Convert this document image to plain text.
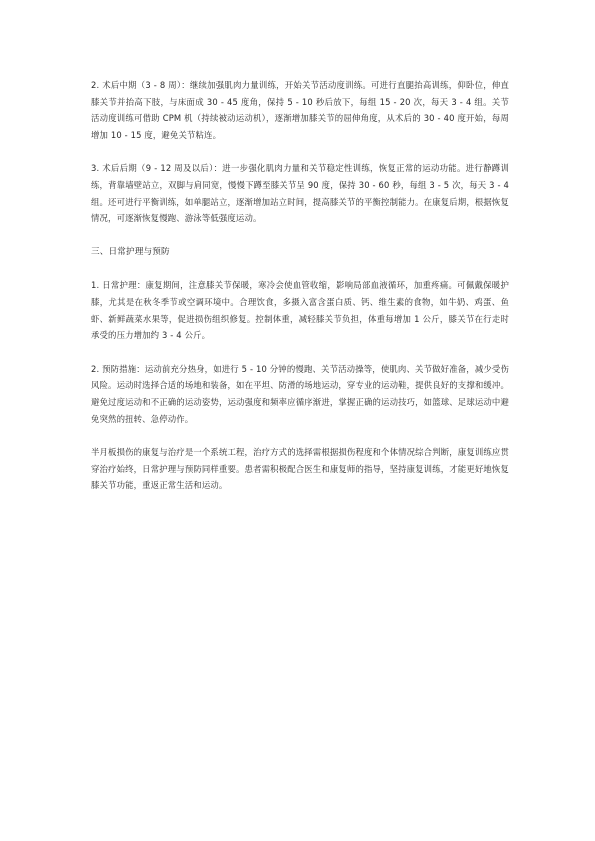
2. 术后中期（3 - 8 周）：继续加强肌肉力量训练，开始关节活动度训练。可进行直腿抬高训练，仰卧位，伸直膝关节并抬高下肢，与床面成 30 - 45 度角，保持 5 - 10 秒后放下，每组 15 - 20 次，每天 3 - 4 组。关节活动度训练可借助 CPM 机（持续被动运动机），逐渐增加膝关节的屈伸角度，从术后的 30 - 40 度开始，每周增加 10 - 15 度，避免关节粘连。

3. 术后后期（9 - 12 周及以后）：进一步强化肌肉力量和关节稳定性训练，恢复正常的运动功能。进行静蹲训练，背靠墙壁站立，双脚与肩同宽，慢慢下蹲至膝关节呈 90 度，保持 30 - 60 秒，每组 3 - 5 次，每天 3 - 4 组。还可进行平衡训练，如单腿站立，逐渐增加站立时间，提高膝关节的平衡控制能力。在康复后期，根据恢复情况，可逐渐恢复慢跑、游泳等低强度运动。

三、日常护理与预防

1. 日常护理：康复期间，注意膝关节保暖，寒冷会使血管收缩，影响局部血液循环，加重疼痛。可佩戴保暖护膝，尤其是在秋冬季节或空调环境中。合理饮食，多摄入富含蛋白质、钙、维生素的食物，如牛奶、鸡蛋、鱼虾、新鲜蔬菜水果等，促进损伤组织修复。控制体重，减轻膝关节负担，体重每增加 1 公斤，膝关节在行走时承受的压力增加约 3 - 4 公斤。

2. 预防措施：运动前充分热身，如进行 5 - 10 分钟的慢跑、关节活动操等，使肌肉、关节做好准备，减少受伤风险。运动时选择合适的场地和装备，如在平坦、防滑的场地运动，穿专业的运动鞋，提供良好的支撑和缓冲。避免过度运动和不正确的运动姿势，运动强度和频率应循序渐进，掌握正确的运动技巧，如篮球、足球运动中避免突然的扭转、急停动作。

半月板损伤的康复与治疗是一个系统工程，治疗方式的选择需根据损伤程度和个体情况综合判断，康复训练应贯穿治疗始终，日常护理与预防同样重要。患者需积极配合医生和康复师的指导，坚持康复训练，才能更好地恢复膝关节功能，重返正常生活和运动。
